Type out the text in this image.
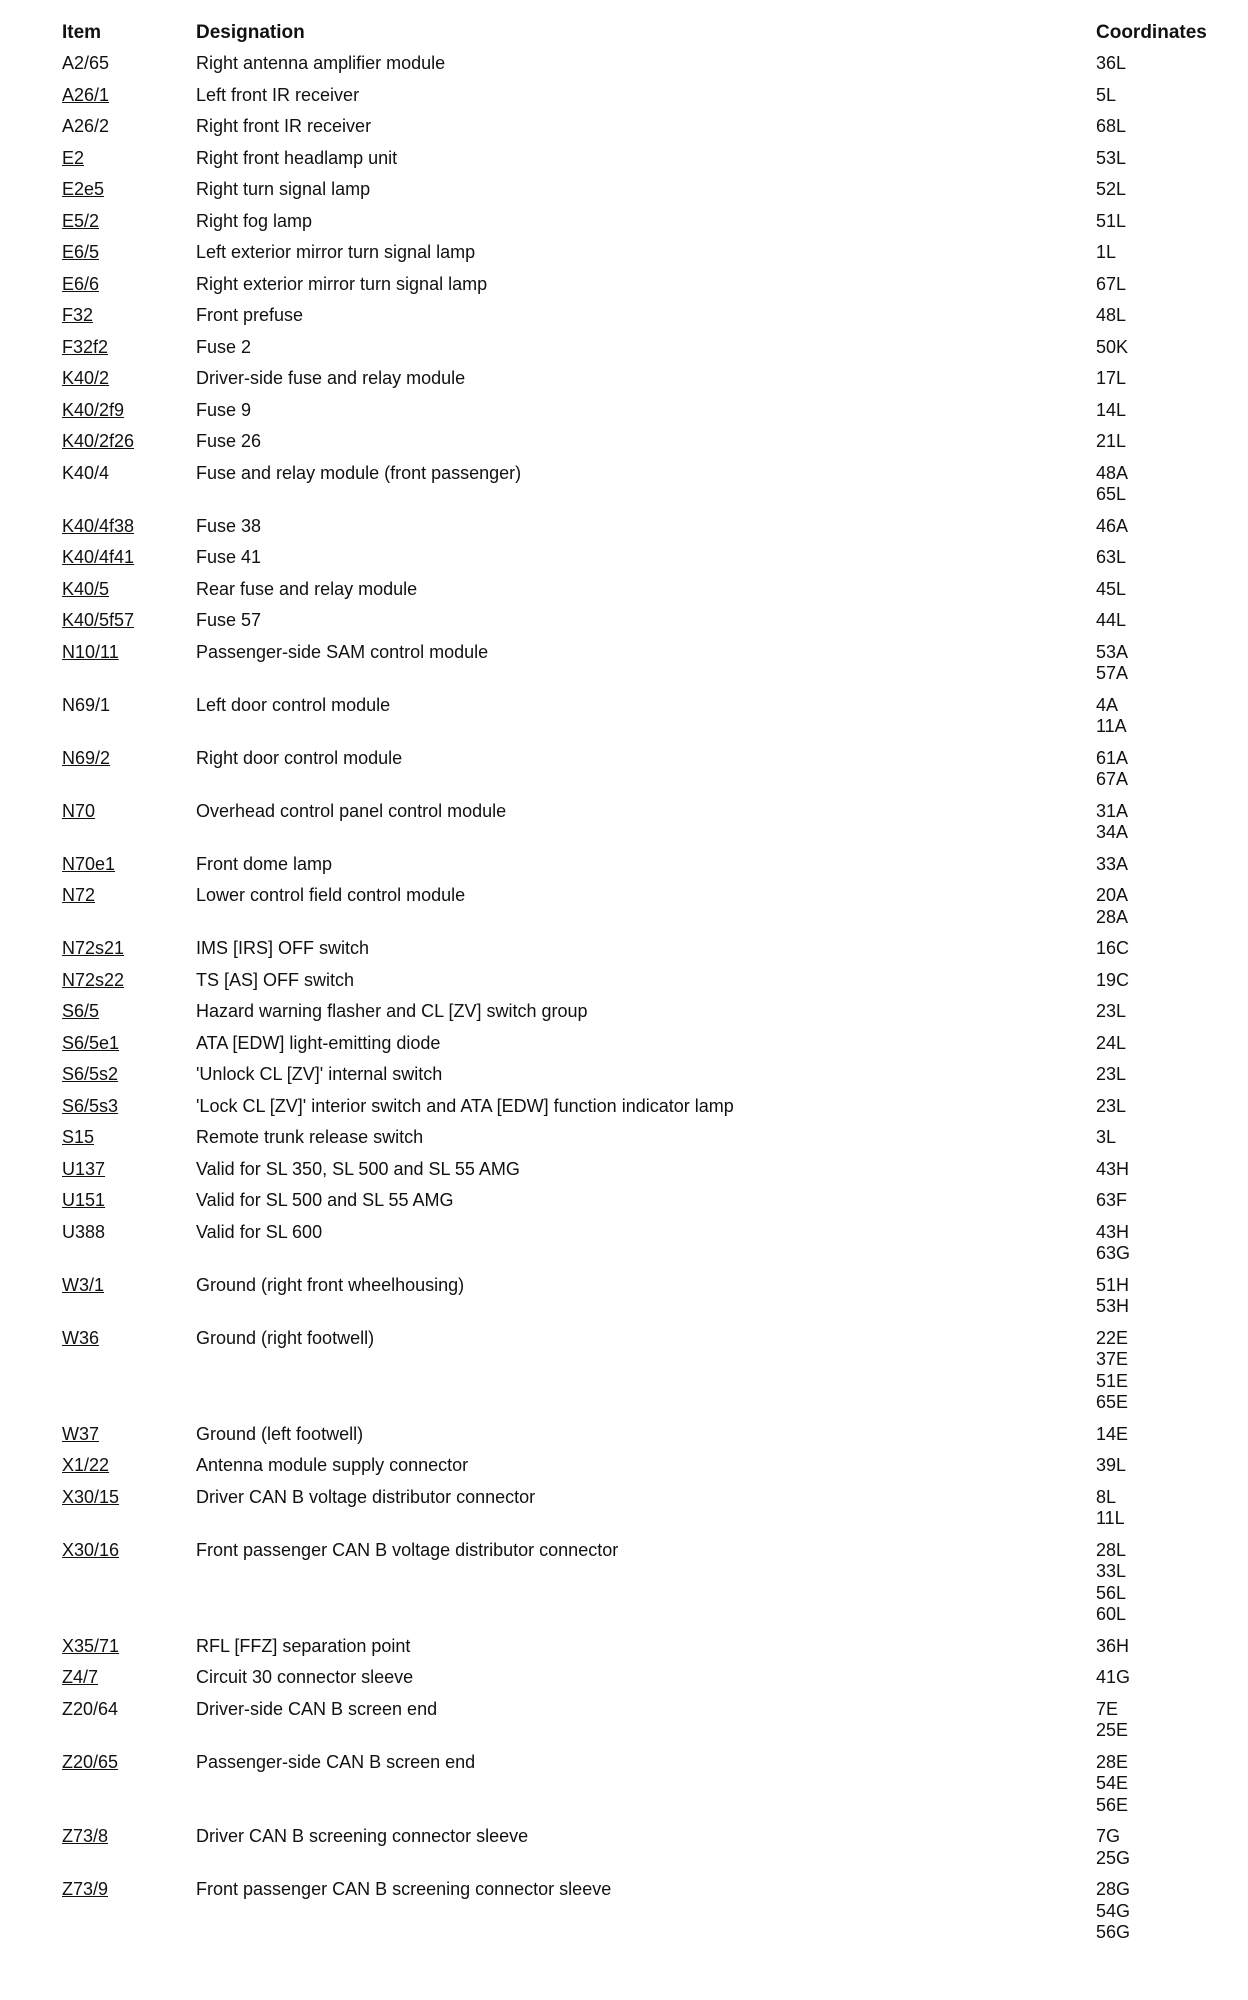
Item	Designation	Coordinates
A2/65	Right antenna amplifier module	36L

A26/1	Left front IR receiver	5L

A26/2	Right front IR receiver	68L

E2	Right front headlamp unit	53L

E2e5	Right turn signal lamp	52L

E5/2	Right fog lamp	51L

E6/5	Left exterior mirror turn signal lamp	1L

E6/6	Right exterior mirror turn signal lamp	67L

F32	Front prefuse	48L

F32f2	Fuse 2	50K

K40/2	Driver-side fuse and relay module	17L

K40/2f9	Fuse 9	14L

K40/2f26	Fuse 26	21L

K40/4	Fuse and relay module (front passenger)	48A
65L

K40/4f38	Fuse 38	46A

K40/4f41	Fuse 41	63L

K40/5	Rear fuse and relay module	45L

K40/5f57	Fuse 57	44L

N10/11	Passenger-side SAM control module	53A
57A

N69/1	Left door control module	4A
11A

N69/2	Right door control module	61A
67A

N70	Overhead control panel control module	31A
34A

N70e1	Front dome lamp	33A

N72	Lower control field control module	20A
28A

N72s21	IMS [IRS] OFF switch	16C

N72s22	TS [AS] OFF switch	19C

S6/5	Hazard warning flasher and CL [ZV] switch group	23L

S6/5e1	ATA [EDW] light-emitting diode	24L

S6/5s2	'Unlock CL [ZV]' internal switch	23L

S6/5s3	'Lock CL [ZV]' interior switch and ATA [EDW] function indicator lamp	23L

S15	Remote trunk release switch	3L

U137	Valid for SL 350, SL 500 and SL 55 AMG	43H

U151	Valid for SL 500 and SL 55 AMG	63F

U388	Valid for SL 600	43H
63G

W3/1	Ground (right front wheelhousing)	51H
53H

W36	Ground (right footwell)	22E
37E
51E
65E

W37	Ground (left footwell)	14E

X1/22	Antenna module supply connector	39L

X30/15	Driver CAN B voltage distributor connector	8L
11L

X30/16	Front passenger CAN B voltage distributor connector	28L
33L
56L
60L

X35/71	RFL [FFZ] separation point	36H

Z4/7	Circuit 30 connector sleeve	41G

Z20/64	Driver-side CAN B screen end	7E
25E

Z20/65	Passenger-side CAN B screen end	28E
54E
56E

Z73/8	Driver CAN B screening connector sleeve	7G
25G

Z73/9	Front passenger CAN B screening connector sleeve	28G
54G
56G
